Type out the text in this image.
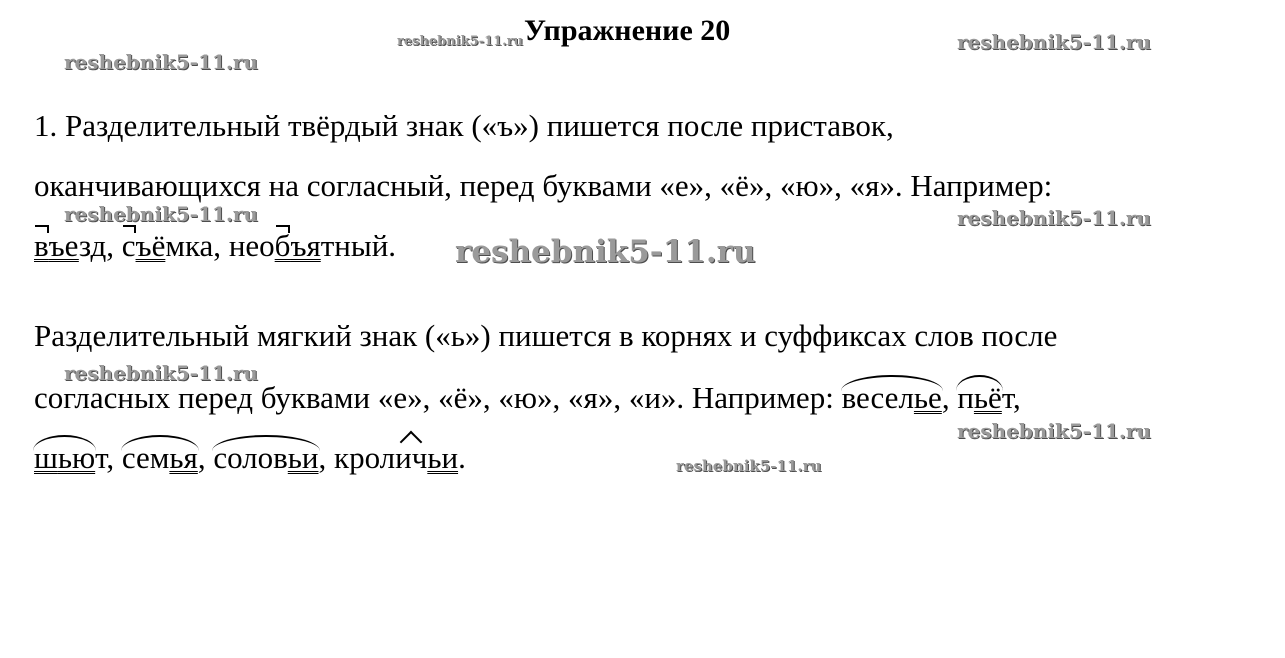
reshebnik5-11.ru
reshebnik5-11.ru
reshebnik5-11.ru
reshebnik5-11.ru	reshebnik5-11.ru
reshebnik5-11.ru
reshebnik5-11.ru
reshebnik5-11.ru
reshebnik5-11.ru
Упражнение 20
1. Разделительный твёрдый знак («ъ») пишется после приставок,
оканчивающихся на согласный, перед буквами «е», «ё», «ю», «я». Например:
въезд, съёмка, необъятный.
Разделительный мягкий знак («ь») пишется в корнях и суффиксах слов после
согласных перед буквами «е», «ё», «ю», «я», «и». Например: веселье, пьёт,
шьют, семья, соловьи, кроличьи.
